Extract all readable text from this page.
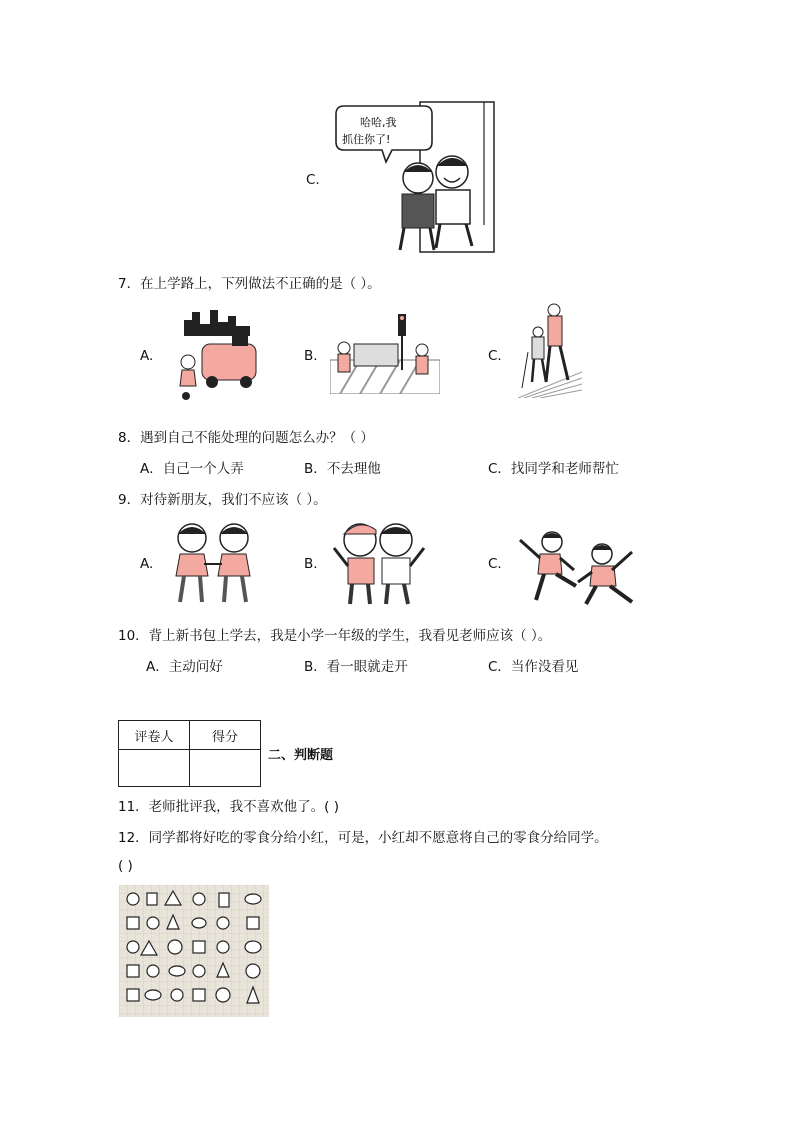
C.
哈哈,我
抓住你了!
7．在上学路上，下列做法不正确的是（ ）。
A.	B.	C.
8．遇到自己不能处理的问题怎么办？（ ）
A．自己一个人弄	B．不去理他	C．找同学和老师帮忙
9．对待新朋友，我们不应该（ ）。
A.	B.	C.
10．背上新书包上学去，我是小学一年级的学生，我看见老师应该（ ）。
A．主动问好	B．看一眼就走开	C．当作没看见
评卷人	得分

二、判断题
11．老师批评我，我不喜欢他了。( )
12．同学都将好吃的零食分给小红，可是，小红却不愿意将自己的零食分给同学。
( )
